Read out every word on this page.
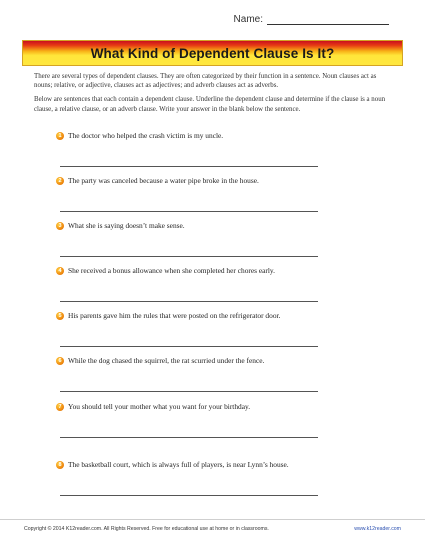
Name:
What Kind of Dependent Clause Is It?

There are several types of dependent clauses. They are often categorized by their function in a sentence. Noun clauses act as nouns; relative, or adjective, clauses act as adjectives; and adverb clauses act as adverbs.

Below are sentences that each contain a dependent clause. Underline the dependent clause and determine if the clause is a noun clause, a relative clause, or an adverb clause. Write your answer in the blank below the sentence.

1 The doctor who helped the crash victim is my uncle.
2 The party was canceled because a water pipe broke in the house.
3 What she is saying doesn’t make sense.
4 She received a bonus allowance when she completed her chores early.
5 His parents gave him the rules that were posted on the refrigerator door.
6 While the dog chased the squirrel, the rat scurried under the fence.
7 You should tell your mother what you want for your birthday.
8 The basketball court, which is always full of players, is near Lynn’s house.
Copyright © 2014 K12reader.com. All Rights Reserved. Free for educational use at home or in classrooms.	www.k12reader.com
